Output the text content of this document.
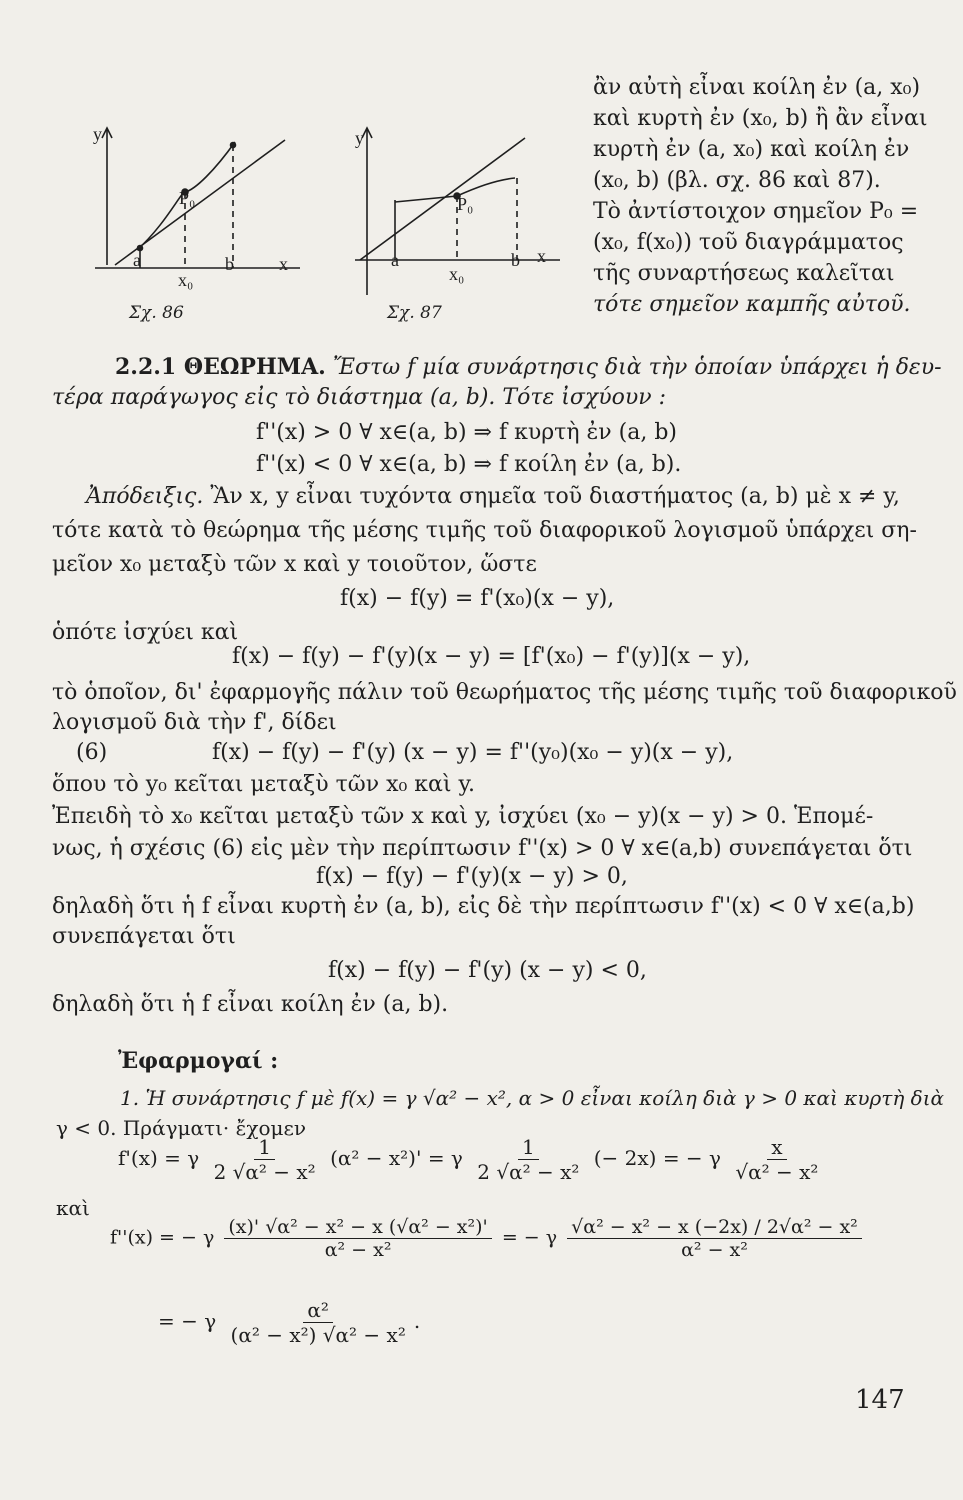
y
P₀
a
x₀
b	x
y
P₀
a
x₀
b x
Σχ. 86	Σχ. 87
ἂν αὐτὴ εἶναι κοίλη ἐν (a, x₀)
καὶ κυρτὴ ἐν (x₀, b) ἢ ἂν εἶναι
κυρτὴ ἐν (a, x₀) καὶ κοίλη ἐν
(x₀, b) (βλ. σχ. 86 καὶ 87).
Τὸ ἀντίστοιχον σημεῖον P₀ =
(x₀, f(x₀)) τοῦ διαγράμματος
τῆς συναρτήσεως καλεῖται
τότε σημεῖον καμπῆς αὐτοῦ.
2.2.1 ΘΕΩΡΗΜΑ. Ἔστω f μία συνάρτησις διὰ τὴν ὁποίαν ὑπάρχει ἡ δευ-
τέρα παράγωγος εἰς τὸ διάστημα (a, b). Τότε ἰσχύουν :
f''(x) > 0 ∀ x∈(a, b) ⇒ f κυρτὴ ἐν (a, b)
f''(x) < 0 ∀ x∈(a, b) ⇒ f κοίλη ἐν (a, b).
Ἀπόδειξις. Ἂν x, y εἶναι τυχόντα σημεῖα τοῦ διαστήματος (a, b) μὲ x ≠ y,
τότε κατὰ τὸ θεώρημα τῆς μέσης τιμῆς τοῦ διαφορικοῦ λογισμοῦ ὑπάρχει ση-
μεῖον x₀ μεταξὺ τῶν x καὶ y τοιοῦτον, ὥστε
f(x) − f(y) = f'(x₀)(x − y),
ὁπότε ἰσχύει καὶ
f(x) − f(y) − f'(y)(x − y) = [f'(x₀) − f'(y)](x − y),
τὸ ὁποῖον, δι' ἐφαρμογῆς πάλιν τοῦ θεωρήματος τῆς μέσης τιμῆς τοῦ διαφορικοῦ
λογισμοῦ διὰ τὴν f', δίδει
(6)	f(x) − f(y) − f'(y) (x − y) = f''(y₀)(x₀ − y)(x − y),
ὅπου τὸ y₀ κεῖται μεταξὺ τῶν x₀ καὶ y.
Ἐπειδὴ τὸ x₀ κεῖται μεταξὺ τῶν x καὶ y, ἰσχύει (x₀ − y)(x − y) > 0. Ἑπομέ-
νως, ἡ σχέσις (6) εἰς μὲν τὴν περίπτωσιν f''(x) > 0 ∀ x∈(a,b) συνεπάγεται ὅτι
f(x) − f(y) − f'(y)(x − y) > 0,
δηλαδὴ ὅτι ἡ f εἶναι κυρτὴ ἐν (a, b), εἰς δὲ τὴν περίπτωσιν f''(x) < 0 ∀ x∈(a,b)
συνεπάγεται ὅτι
f(x) − f(y) − f'(y) (x − y) < 0,
δηλαδὴ ὅτι ἡ f εἶναι κοίλη ἐν (a, b).
Ἐφαρμογαί :
1. Ἡ συνάρτησις f μὲ f(x) = γ √α² − x², α > 0 εἶναι κοίλη διὰ γ > 0 καὶ κυρτὴ διὰ
γ < 0. Πράγματι· ἔχομεν
f'(x) = γ $\frac{1}{\text{2 √α² − x²}} (\alpha^2 - x^2)' = \gamma \frac{1}{\text{2 √α² − x²}}$ (− 2x) = − γ $\frac{x}{\text{√α² − x²}}$
καὶ
f''(x) = − γ $\frac{\text{(x)' √α² − x² − x (√α² − x²)'}}{\text{α² − x²}}$ = − γ $\frac{\text{√α² − x² − x (−2x) / 2√α² − x²}}{\text{α² − x²}}$
= − γ $\frac{\text{α²}}{\text{(α² − x²) √α² − x²}}$ .
147
